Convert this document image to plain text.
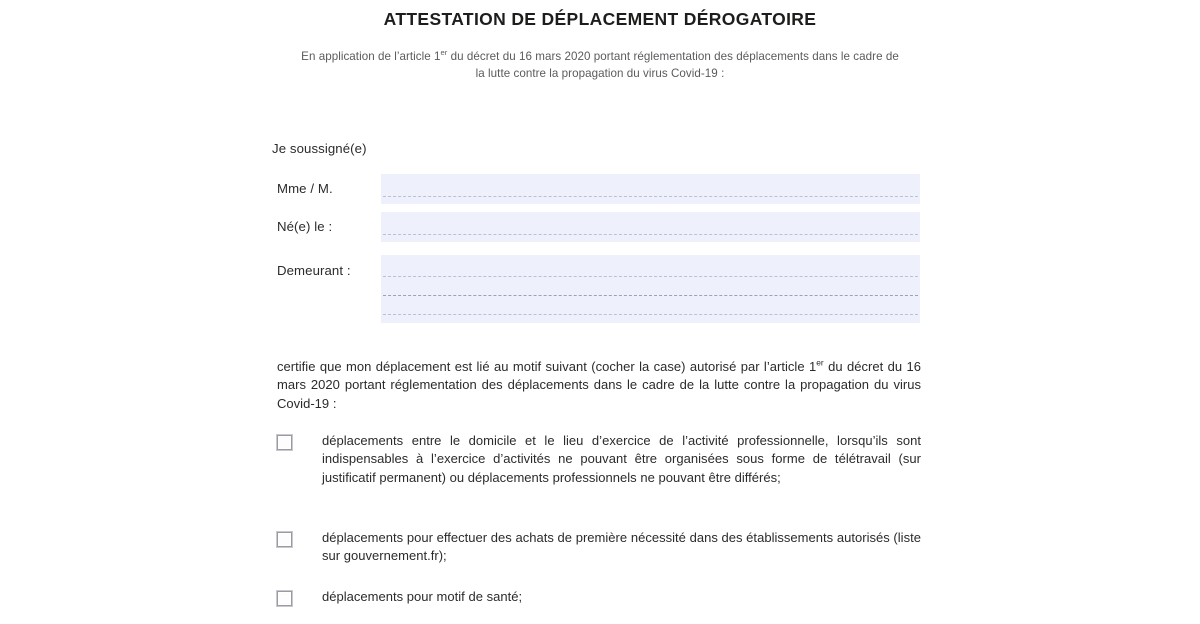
ATTESTATION DE DÉPLACEMENT DÉROGATOIRE
En application de l’article 1er du décret du 16 mars 2020 portant réglementation des déplacements dans le cadre de la lutte contre la propagation du virus Covid-19 :
Je soussigné(e)
Mme / M.
Né(e) le :
Demeurant :
certifie que mon déplacement est lié au motif suivant (cocher la case) autorisé par l’article 1er du décret du 16 mars 2020 portant réglementation des déplacements dans le cadre de la lutte contre la propagation du virus Covid-19 :
déplacements entre le domicile et le lieu d’exercice de l’activité professionnelle, lorsqu’ils sont indispensables à l’exercice d’activités ne pouvant être organisées sous forme de télétravail (sur justificatif permanent) ou déplacements professionnels ne pouvant être différés;
déplacements pour effectuer des achats de première nécessité dans des établissements autorisés (liste sur gouvernement.fr);
déplacements pour motif de santé;
